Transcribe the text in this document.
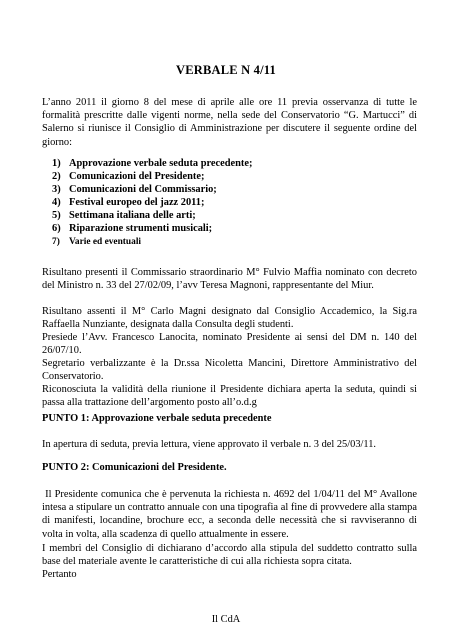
VERBALE N 4/11

L’anno 2011 il giorno 8 del mese di aprile alle ore 11 previa osservanza di tutte le formalità prescritte dalle vigenti norme, nella sede del Conservatorio “G. Martucci” di Salerno si riunisce il Consiglio di Amministrazione per discutere il seguente ordine del giorno:

1) Approvazione verbale seduta precedente;
2) Comunicazioni del Presidente;
3) Comunicazioni del Commissario;
4) Festival europeo del jazz 2011;
5) Settimana italiana delle arti;
6) Riparazione strumenti musicali;
7) Varie ed eventuali

Risultano presenti il Commissario straordinario M° Fulvio Maffia nominato con decreto del Ministro n. 33 del 27/02/09, l’avv Teresa Magnoni, rappresentante del Miur.

Risultano assenti il M° Carlo Magni designato dal Consiglio Accademico, la Sig.ra Raffaella Nunziante, designata dalla Consulta degli studenti.

Presiede l’Avv. Francesco Lanocita, nominato Presidente ai sensi del DM n. 140 del 26/07/10.

Segretario verbalizzante è la Dr.ssa Nicoletta Mancini, Direttore Amministrativo del Conservatorio.

Riconosciuta la validità della riunione il Presidente dichiara aperta la seduta, quindi si passa alla trattazione dell’argomento posto all’o.d.g

PUNTO 1: Approvazione verbale seduta precedente

In apertura di seduta, previa lettura, viene approvato il verbale n. 3 del 25/03/11.

PUNTO 2: Comunicazioni del Presidente.

Il Presidente comunica che è pervenuta la richiesta n. 4692 del 1/04/11 del M° Avallone intesa a stipulare un contratto annuale con una tipografia al fine di provvedere alla stampa di manifesti, locandine, brochure ecc, a seconda delle necessità che si ravviseranno di volta in volta, alla scadenza di quello attualmente in essere.

I membri del Consiglio di dichiarano d’accordo alla stipula del suddetto contratto sulla base del materiale avente le caratteristiche di cui alla richiesta sopra citata.

Pertanto

Il CdA
